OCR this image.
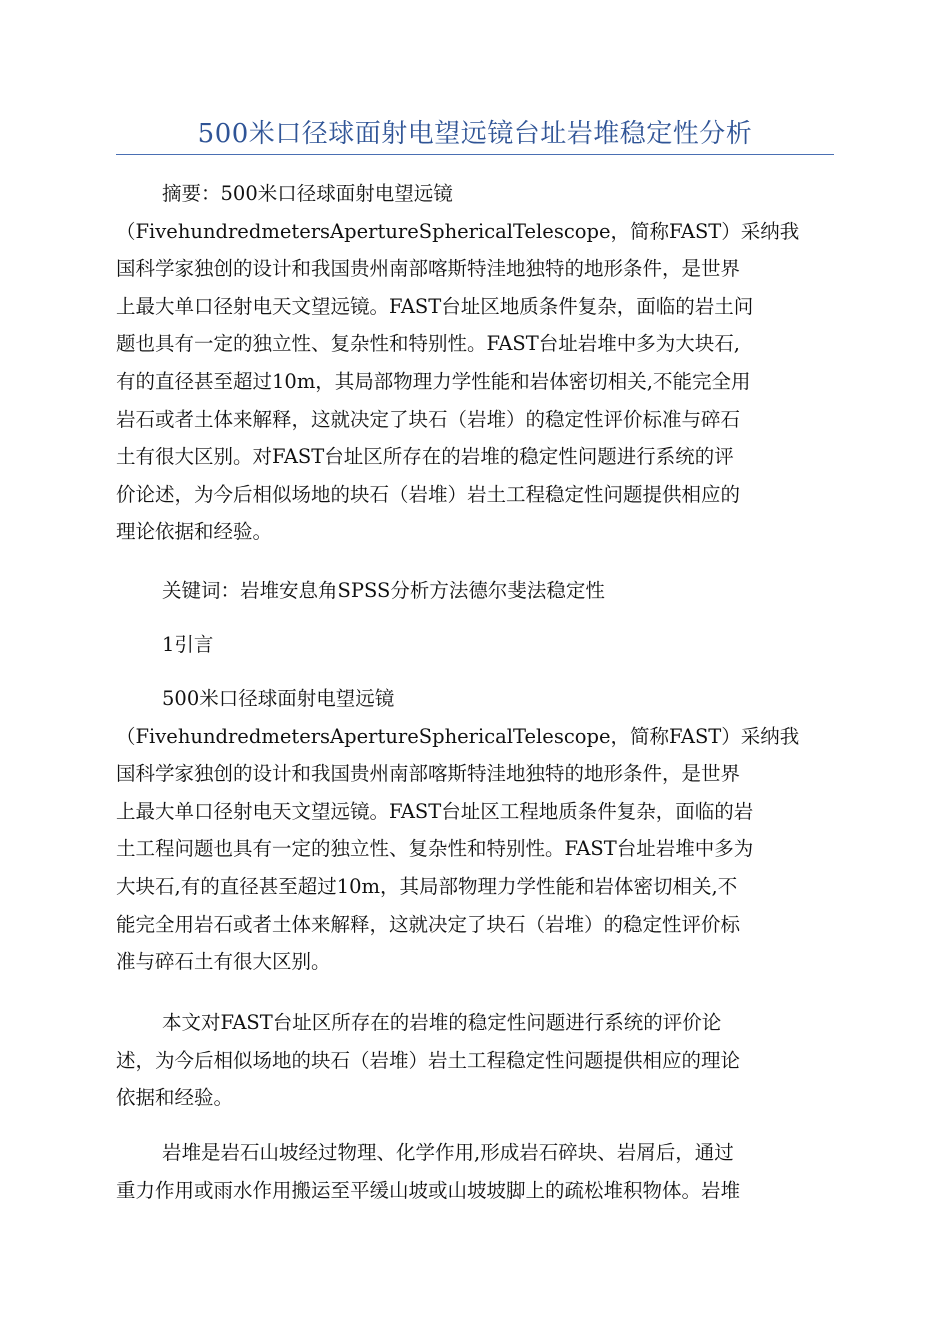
500米口径球面射电望远镜台址岩堆稳定性分析
摘要：500米口径球面射电望远镜
（FivehundredmetersApertureSphericalTelescope，简称FAST）采纳我
国科学家独创的设计和我国贵州南部喀斯特洼地独特的地形条件，是世界
上最大单口径射电天文望远镜。FAST台址区地质条件复杂，面临的岩土问
题也具有一定的独立性、复杂性和特别性。FAST台址岩堆中多为大块石,
有的直径甚至超过10m，其局部物理力学性能和岩体密切相关,不能完全用
岩石或者土体来解释，这就决定了块石（岩堆）的稳定性评价标准与碎石
土有很大区别。对FAST台址区所存在的岩堆的稳定性问题进行系统的评
价论述，为今后相似场地的块石（岩堆）岩土工程稳定性问题提供相应的
理论依据和经验。
关键词：岩堆安息角SPSS分析方法德尔斐法稳定性
1引言
500米口径球面射电望远镜
（FivehundredmetersApertureSphericalTelescope，简称FAST）采纳我
国科学家独创的设计和我国贵州南部喀斯特洼地独特的地形条件，是世界
上最大单口径射电天文望远镜。FAST台址区工程地质条件复杂，面临的岩
土工程问题也具有一定的独立性、复杂性和特别性。FAST台址岩堆中多为
大块石,有的直径甚至超过10m，其局部物理力学性能和岩体密切相关,不
能完全用岩石或者土体来解释，这就决定了块石（岩堆）的稳定性评价标
准与碎石土有很大区别。
本文对FAST台址区所存在的岩堆的稳定性问题进行系统的评价论
述，为今后相似场地的块石（岩堆）岩土工程稳定性问题提供相应的理论
依据和经验。
岩堆是岩石山坡经过物理、化学作用,形成岩石碎块、岩屑后，通过
重力作用或雨水作用搬运至平缓山坡或山坡坡脚上的疏松堆积物体。岩堆
